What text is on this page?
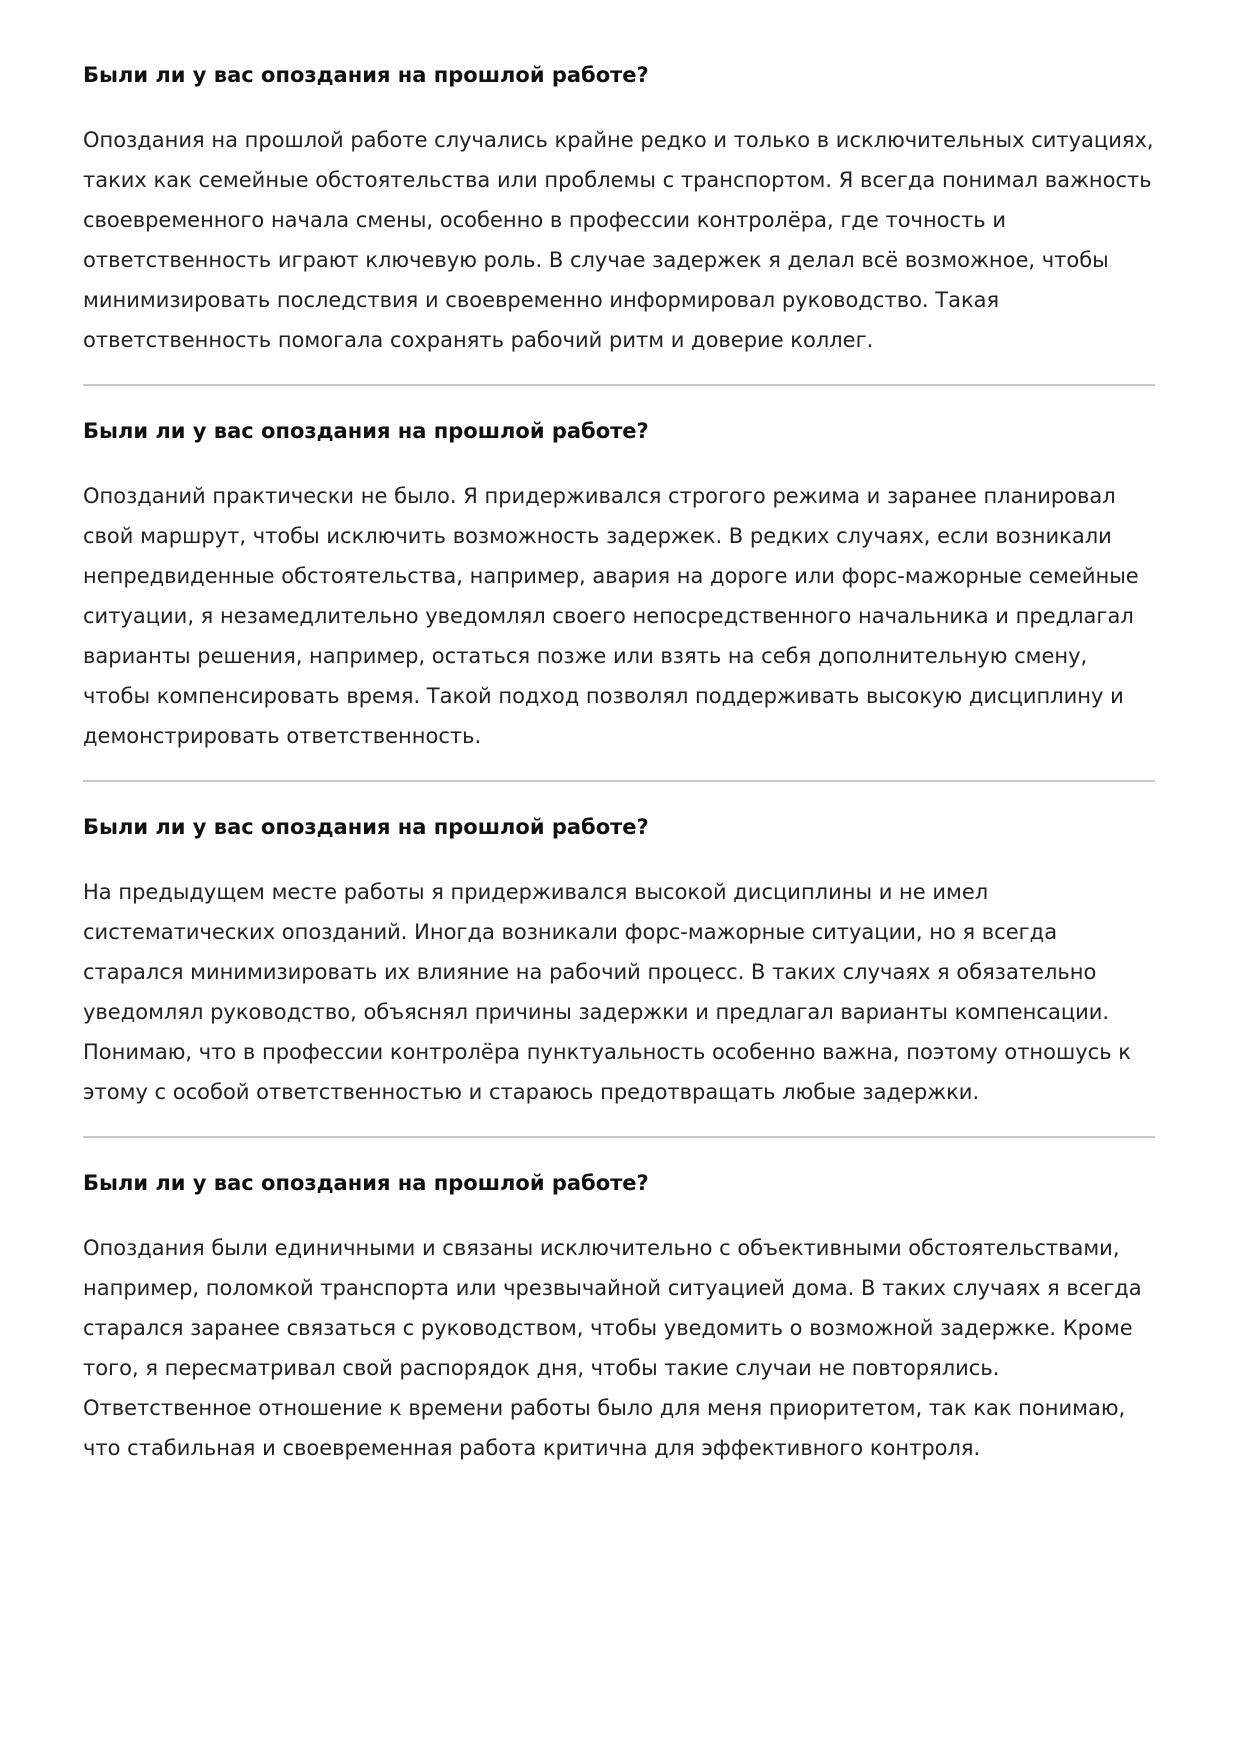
Были ли у вас опоздания на прошлой работе?

Опоздания на прошлой работе случались крайне редко и только в исключительных ситуациях, таких как семейные обстоятельства или проблемы с транспортом. Я всегда понимал важность своевременного начала смены, особенно в профессии контролёра, где точность и ответственность играют ключевую роль. В случае задержек я делал всё возможное, чтобы минимизировать последствия и своевременно информировал руководство. Такая ответственность помогала сохранять рабочий ритм и доверие коллег.

Были ли у вас опоздания на прошлой работе?

Опозданий практически не было. Я придерживался строгого режима и заранее планировал свой маршрут, чтобы исключить возможность задержек. В редких случаях, если возникали непредвиденные обстоятельства, например, авария на дороге или форс-мажорные семейные ситуации, я незамедлительно уведомлял своего непосредственного начальника и предлагал варианты решения, например, остаться позже или взять на себя дополнительную смену, чтобы компенсировать время. Такой подход позволял поддерживать высокую дисциплину и демонстрировать ответственность.

Были ли у вас опоздания на прошлой работе?

На предыдущем месте работы я придерживался высокой дисциплины и не имел систематических опозданий. Иногда возникали форс-мажорные ситуации, но я всегда старался минимизировать их влияние на рабочий процесс. В таких случаях я обязательно уведомлял руководство, объяснял причины задержки и предлагал варианты компенсации. Понимаю, что в профессии контролёра пунктуальность особенно важна, поэтому отношусь к этому с особой ответственностью и стараюсь предотвращать любые задержки.

Были ли у вас опоздания на прошлой работе?

Опоздания были единичными и связаны исключительно с объективными обстоятельствами, например, поломкой транспорта или чрезвычайной ситуацией дома. В таких случаях я всегда старался заранее связаться с руководством, чтобы уведомить о возможной задержке. Кроме того, я пересматривал свой распорядок дня, чтобы такие случаи не повторялись. Ответственное отношение к времени работы было для меня приоритетом, так как понимаю, что стабильная и своевременная работа критична для эффективного контроля.
